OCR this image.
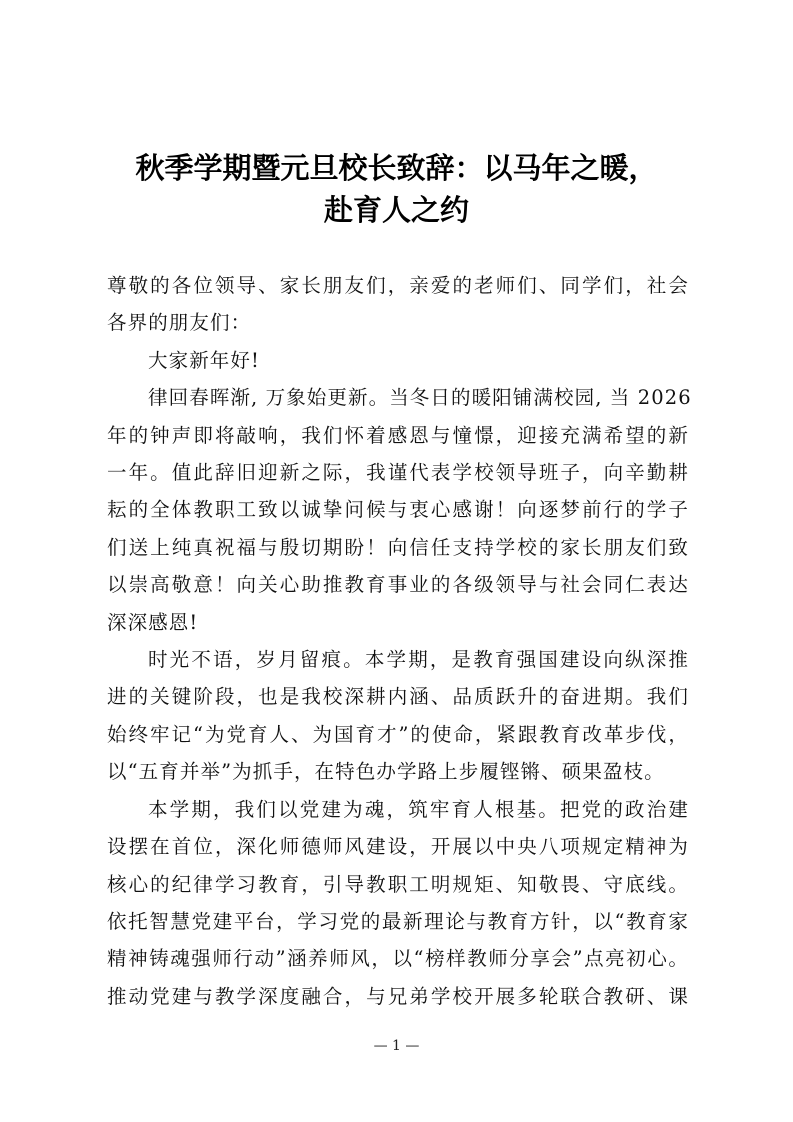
秋季学期暨元旦校长致辞：以马年之暖，
赴育人之约

尊敬的各位领导、家长朋友们，亲爱的老师们、同学们，社会
各界的朋友们：

大家新年好!

律回春晖渐, 万象始更新。当冬日的暖阳铺满校园, 当 2026
年的钟声即将敲响，我们怀着感恩与憧憬，迎接充满希望的新
一年。值此辞旧迎新之际，我谨代表学校领导班子，向辛勤耕
耘的全体教职工致以诚挚问候与衷心感谢！向逐梦前行的学子
们送上纯真祝福与殷切期盼！向信任支持学校的家长朋友们致
以崇高敬意！向关心助推教育事业的各级领导与社会同仁表达
深深感恩!

时光不语，岁月留痕。本学期，是教育强国建设向纵深推
进的关键阶段，也是我校深耕内涵、品质跃升的奋进期。我们
始终牢记“为党育人、为国育才”的使命，紧跟教育改革步伐，
以“五育并举”为抓手，在特色办学路上步履铿锵、硕果盈枝。

本学期，我们以党建为魂，筑牢育人根基。把党的政治建
设摆在首位，深化师德师风建设，开展以中央八项规定精神为
核心的纪律学习教育，引导教职工明规矩、知敬畏、守底线。
依托智慧党建平台，学习党的最新理论与教育方针，以“教育家
精神铸魂强师行动”涵养师风，以“榜样教师分享会”点亮初心。
推动党建与教学深度融合，与兄弟学校开展多轮联合教研、课

— 1 —
